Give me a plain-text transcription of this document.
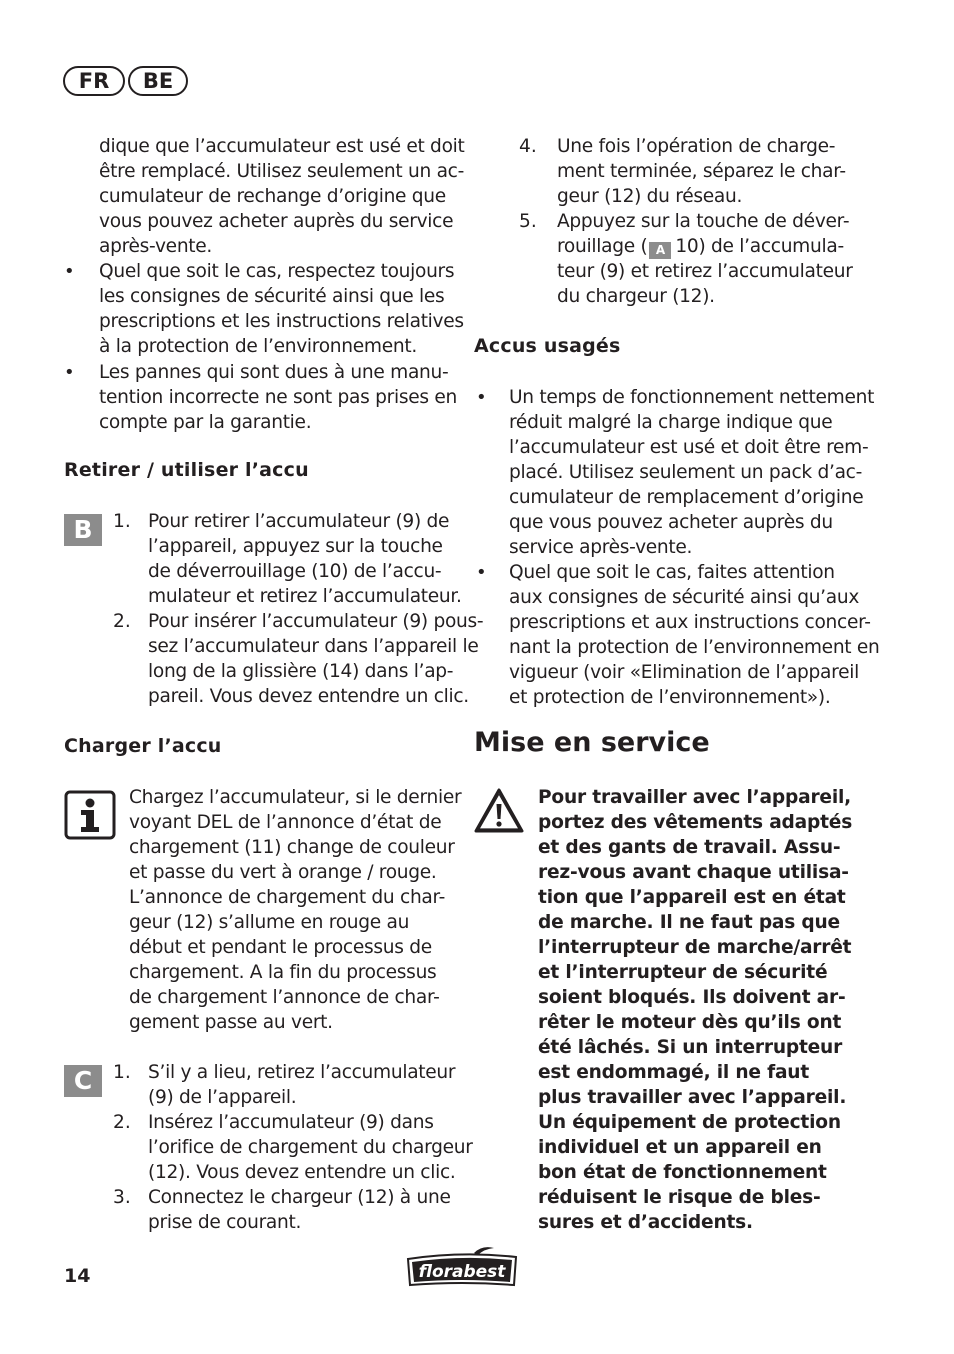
FR	BE
dique que l’accumulateur est usé et doit
être remplacé. Utilisez seulement un ac-
cumulateur de rechange d’origine que
vous pouvez acheter auprès du service
après-vente.
• Quel que soit le cas, respectez toujours
les consignes de sécurité ainsi que les
prescriptions et les instructions relatives
à la protection de l’environnement.
• Les pannes qui sont dues à une manu-
tention incorrecte ne sont pas prises en
compte par la garantie.
Retirer / utiliser l’accu
B	1. Pour retirer l’accumulateur (9) de
l’appareil, appuyez sur la touche
de déverrouillage (10) de l’accu-
mulateur et retirez l’accumulateur.
2. Pour insérer l’accumulateur (9) pous-
sez l’accumulateur dans l’appareil le
long de la glissière (14) dans l’ap-
pareil. Vous devez entendre un clic.
Charger l’accu
Chargez l’accumulateur, si le dernier
voyant DEL de l’annonce d’état de
chargement (11) change de couleur
et passe du vert à orange / rouge.
L’annonce de chargement du char-
geur (12) s’allume en rouge au
début et pendant le processus de
chargement. A la fin du processus
de chargement l’annonce de char-
gement passe au vert.
C	1. S’il y a lieu, retirez l’accumulateur
(9) de l’appareil.
2. Insérez l’accumulateur (9) dans
l’orifice de chargement du chargeur
(12). Vous devez entendre un clic.
3. Connectez le chargeur (12) à une
prise de courant.
4. Une fois l’opération de charge-
ment terminée, séparez le char-
geur (12) du réseau.
5. Appuyez sur la touche de déver-
rouillage ( A 10) de l’accumula-
teur (9) et retirez l’accumulateur
du chargeur (12).
Accus usagés
• Un temps de fonctionnement nettement
réduit malgré la charge indique que
l’accumulateur est usé et doit être rem-
placé. Utilisez seulement un pack d’ac-
cumulateur de remplacement d’origine
que vous pouvez acheter auprès du
service après-vente.
• Quel que soit le cas, faites attention
aux consignes de sécurité ainsi qu’aux
prescriptions et aux instructions concer-
nant la protection de l’environnement en
vigueur (voir «Elimination de l’appareil
et protection de l’environnement»).
Mise en service
Pour travailler avec l’appareil,
portez des vêtements adaptés
et des gants de travail. Assu-
rez-vous avant chaque utilisa-
tion que l’appareil est en état
de marche. Il ne faut pas que
l’interrupteur de marche/arrêt
et l’interrupteur de sécurité
soient bloqués. Ils doivent ar-
rêter le moteur dès qu’ils ont
été lâchés. Si un interrupteur
est endommagé, il ne faut
plus travailler avec l’appareil.
Un équipement de protection
individuel et un appareil en
bon état de fonctionnement
réduisent le risque de bles-
sures et d’accidents.
14	florabest
